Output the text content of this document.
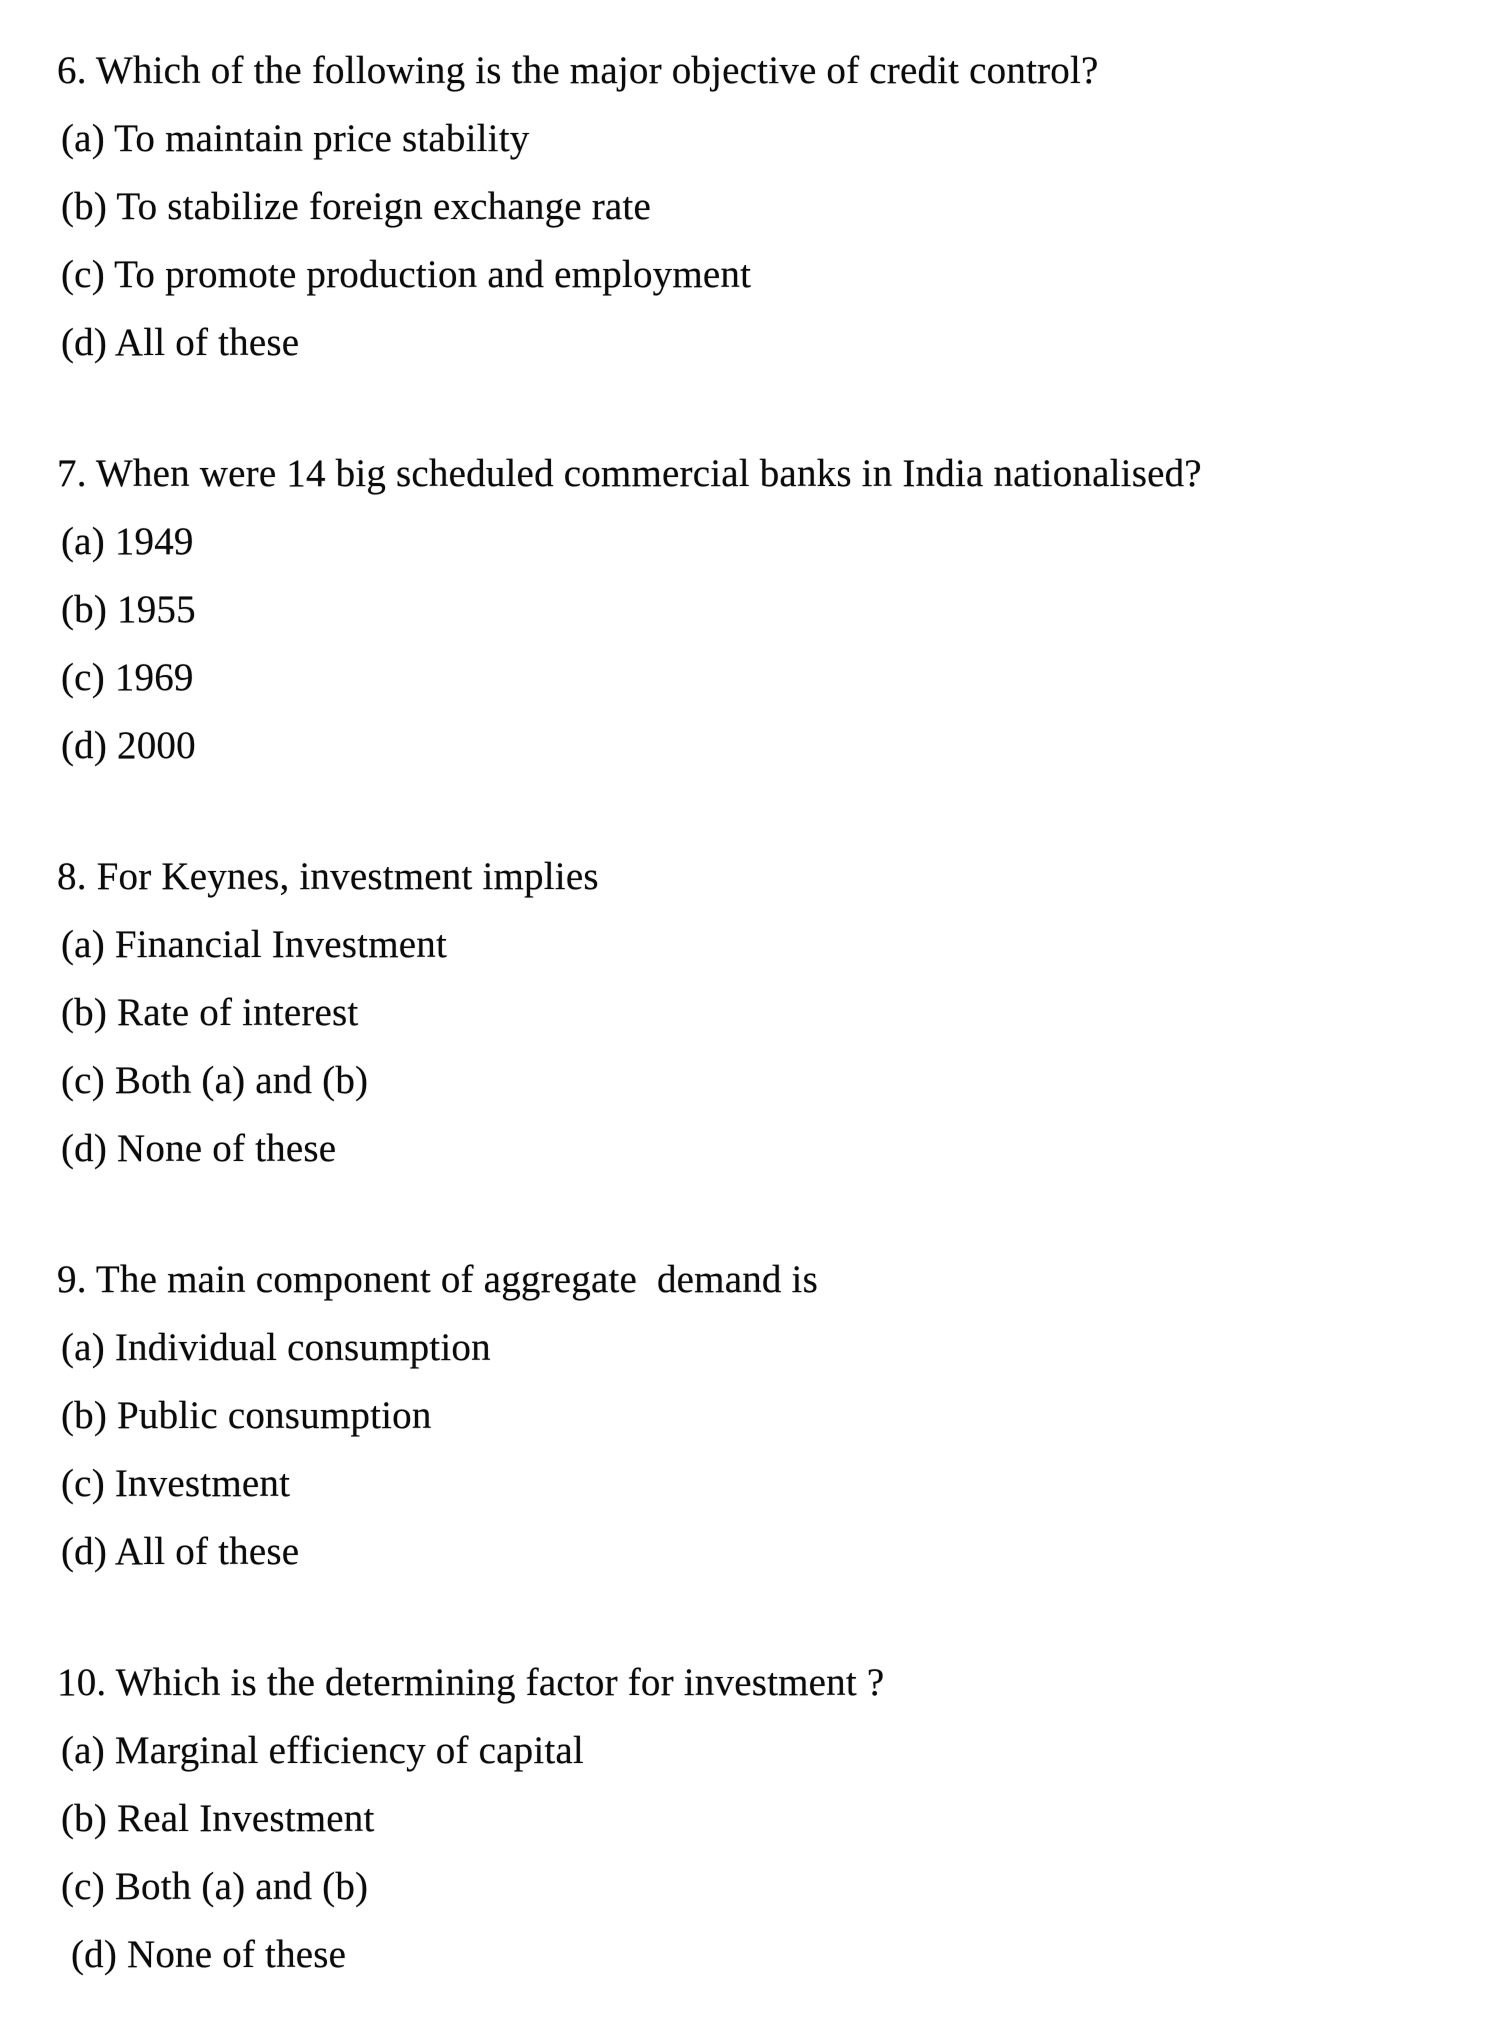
6. Which of the following is the major objective of credit control?

(a) To maintain price stability

(b) To stabilize foreign exchange rate

(c) To promote production and employment

(d) All of these

7. When were 14 big scheduled commercial banks in India nationalised?

(a) 1949

(b) 1955

(c) 1969

(d) 2000

8. For Keynes, investment implies

(a) Financial Investment

(b) Rate of interest

(c) Both (a) and (b)

(d) None of these

9. The main component of aggregate  demand is

(a) Individual consumption

(b) Public consumption

(c) Investment

(d) All of these

10. Which is the determining factor for investment ?

(a) Marginal efficiency of capital

(b) Real Investment

(c) Both (a) and (b)

(d) None of these
